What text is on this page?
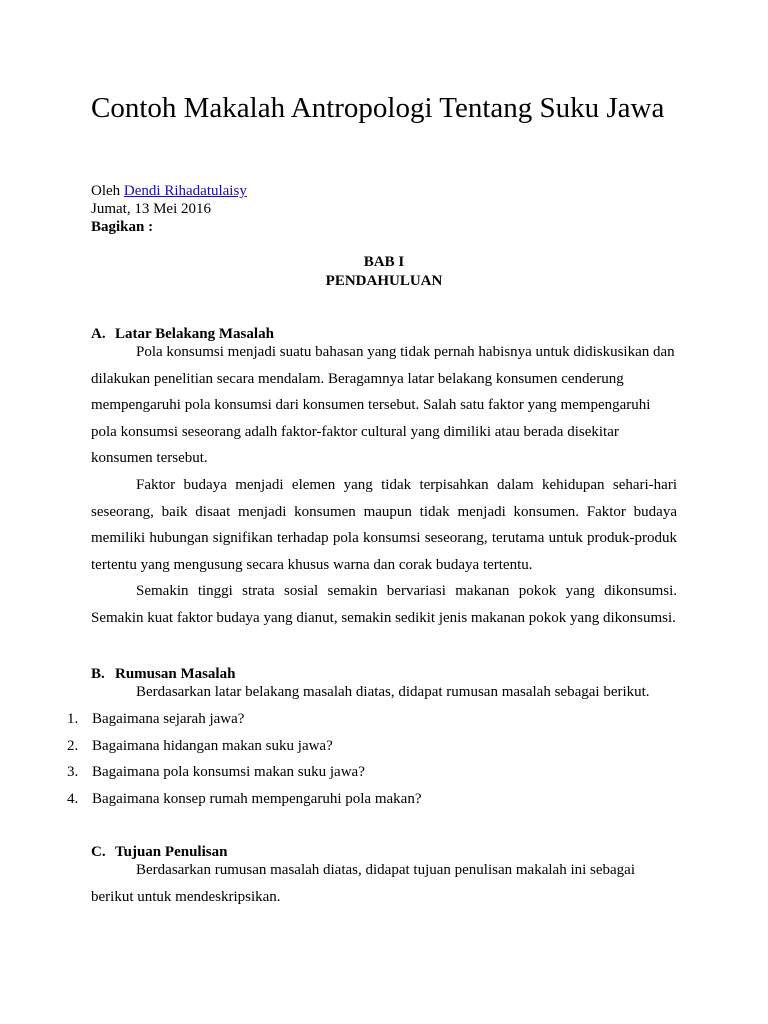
Contoh Makalah Antropologi Tentang Suku Jawa
Oleh Dendi Rihadatulaisy
Jumat, 13 Mei 2016
Bagikan :
BAB I
PENDAHULUAN
A. Latar Belakang Masalah

Pola konsumsi menjadi suatu bahasan yang tidak pernah habisnya untuk didiskusikan dan dilakukan penelitian secara mendalam. Beragamnya latar belakang konsumen cenderung mempengaruhi pola konsumsi dari konsumen tersebut. Salah satu faktor yang mempengaruhi pola konsumsi seseorang adalh faktor-faktor cultural yang dimiliki atau berada disekitar konsumen tersebut.

Faktor budaya menjadi elemen yang tidak terpisahkan dalam kehidupan sehari-hari seseorang, baik disaat menjadi konsumen maupun tidak menjadi konsumen. Faktor budaya memiliki hubungan signifikan terhadap pola konsumsi seseorang, terutama untuk produk-produk tertentu yang mengusung secara khusus warna dan corak budaya tertentu.

Semakin tinggi strata sosial semakin bervariasi makanan pokok yang dikonsumsi. Semakin kuat faktor budaya yang dianut, semakin sedikit jenis makanan pokok yang dikonsumsi.

B. Rumusan Masalah
Berdasarkan latar belakang masalah diatas, didapat rumusan masalah sebagai berikut.
1. Bagaimana sejarah jawa?
2. Bagaimana hidangan makan suku jawa?
3. Bagaimana pola konsumsi makan suku jawa?
4. Bagaimana konsep rumah mempengaruhi pola makan?
C. Tujuan Penulisan
Berdasarkan rumusan masalah diatas, didapat tujuan penulisan makalah ini sebagai
berikut untuk mendeskripsikan.
